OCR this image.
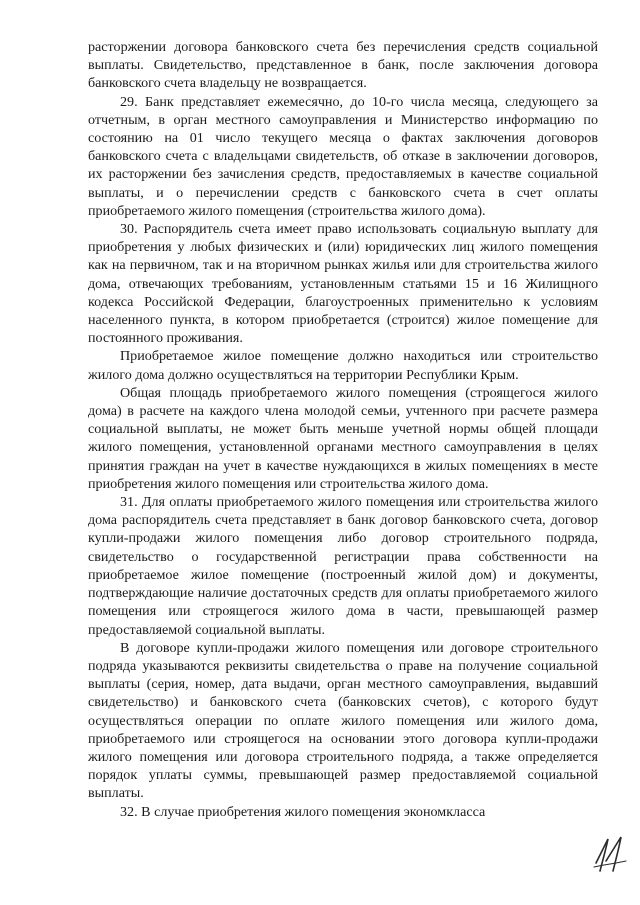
расторжении договора банковского счета без перечисления средств социальной выплаты. Свидетельство, представленное в банк, после заключения договора банковского счета владельцу не возвращается.

29. Банк представляет ежемесячно, до 10-го числа месяца, следующего за отчетным, в орган местного самоуправления и Министерство информацию по состоянию на 01 число текущего месяца о фактах заключения договоров банковского счета с владельцами свидетельств, об отказе в заключении договоров, их расторжении без зачисления средств, предоставляемых в качестве социальной выплаты, и о перечислении средств с банковского счета в счет оплаты приобретаемого жилого помещения (строительства жилого дома).

30. Распорядитель счета имеет право использовать социальную выплату для приобретения у любых физических и (или) юридических лиц жилого помещения как на первичном, так и на вторичном рынках жилья или для строительства жилого дома, отвечающих требованиям, установленным статьями 15 и 16 Жилищного кодекса Российской Федерации, благоустроенных применительно к условиям населенного пункта, в котором приобретается (строится) жилое помещение для постоянного проживания.

Приобретаемое жилое помещение должно находиться или строительство жилого дома должно осуществляться на территории Республики Крым.

Общая площадь приобретаемого жилого помещения (строящегося жилого дома) в расчете на каждого члена молодой семьи, учтенного при расчете размера социальной выплаты, не может быть меньше учетной нормы общей площади жилого помещения, установленной органами местного самоуправления в целях принятия граждан на учет в качестве нуждающихся в жилых помещениях в месте приобретения жилого помещения или строительства жилого дома.

31. Для оплаты приобретаемого жилого помещения или строительства жилого дома распорядитель счета представляет в банк договор банковского счета, договор купли-продажи жилого помещения либо договор строительного подряда, свидетельство о государственной регистрации права собственности на приобретаемое жилое помещение (построенный жилой дом) и документы, подтверждающие наличие достаточных средств для оплаты приобретаемого жилого помещения или строящегося жилого дома в части, превышающей размер предоставляемой социальной выплаты.

В договоре купли-продажи жилого помещения или договоре строительного подряда указываются реквизиты свидетельства о праве на получение социальной выплаты (серия, номер, дата выдачи, орган местного самоуправления, выдавший свидетельство) и банковского счета (банковских счетов), с которого будут осуществляться операции по оплате жилого помещения или жилого дома, приобретаемого или строящегося на основании этого договора купли-продажи жилого помещения или договора строительного подряда, а также определяется порядок уплаты суммы, превышающей размер предоставляемой социальной выплаты.

32. В случае приобретения жилого помещения экономкласса
